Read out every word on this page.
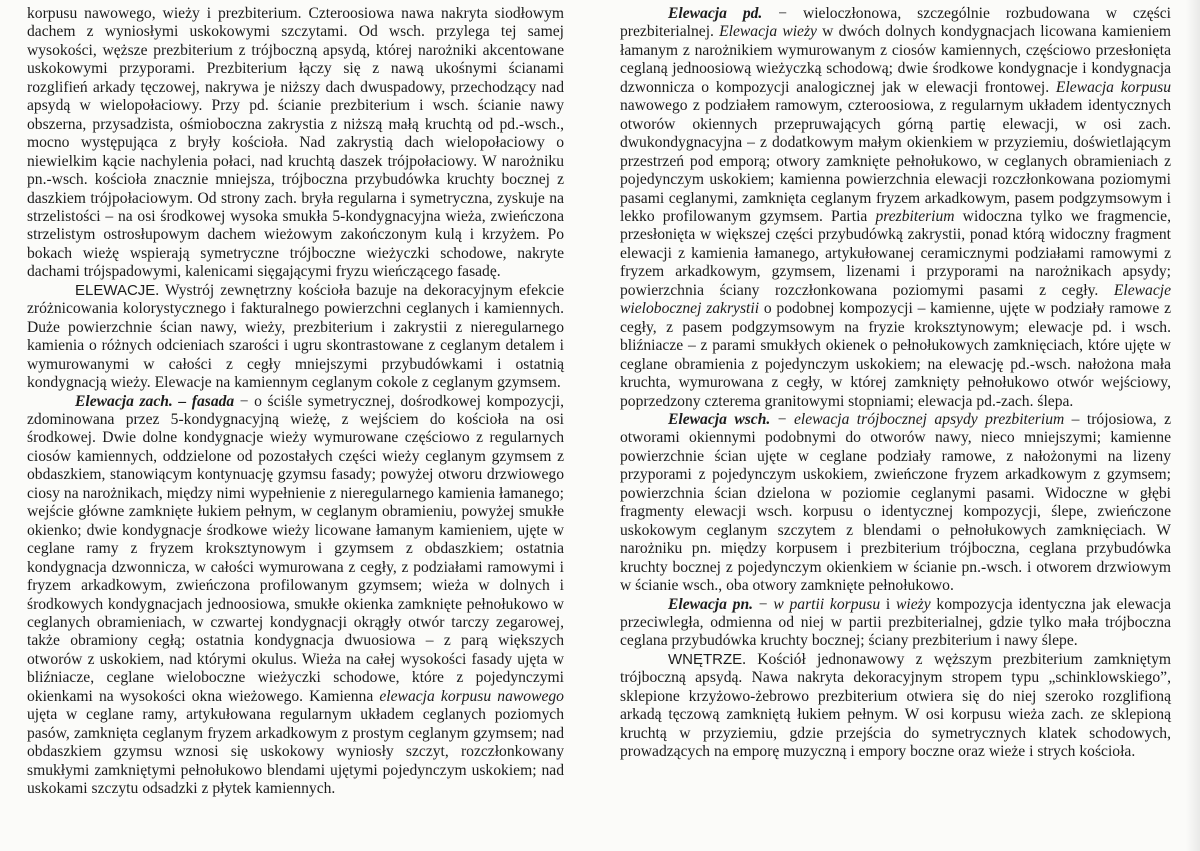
korpusu nawowego, wieży i prezbiterium. Czteroosiowa nawa nakryta siodłowym dachem z wyniosłymi uskokowymi szczytami. Od wsch. przylega tej samej wysokości, węższe prezbiterium z trójboczną apsydą, której narożniki akcentowane uskokowymi przyporami. Prezbiterium łączy się z nawą ukośnymi ścianami rozglifień arkady tęczowej, nakrywa je niższy dach dwuspadowy, przechodzący nad apsydą w wielopołaciowy. Przy pd. ścianie prezbiterium i wsch. ścianie nawy obszerna, przysadzista, ośmioboczna zakrystia z niższą małą kruchtą od pd.-wsch., mocno występująca z bryły kościoła. Nad zakrystią dach wielopołaciowy o niewielkim kącie nachylenia połaci, nad kruchtą daszek trójpołaciowy. W narożniku pn.-wsch. kościoła znacznie mniejsza, trójboczna przybudówka kruchty bocznej z daszkiem trójpołaciowym. Od strony zach. bryła regularna i symetryczna, zyskuje na strzelistości – na osi środkowej wysoka smukła 5-kondygnacyjna wieża, zwieńczona strzelistym ostrosłupowym dachem wieżowym zakończonym kulą i krzyżem. Po bokach wieżę wspierają symetryczne trójboczne wieżyczki schodowe, nakryte dachami trójspadowymi, kalenicami sięgającymi fryzu wieńczącego fasadę.

ELEWACJE. Wystrój zewnętrzny kościoła bazuje na dekoracyjnym efekcie zróżnicowania kolorystycznego i fakturalnego powierzchni ceglanych i kamiennych. Duże powierzchnie ścian nawy, wieży, prezbiterium i zakrystii z nieregularnego kamienia o różnych odcieniach szarości i ugru skontrastowane z ceglanym detalem i wymurowanymi w całości z cegły mniejszymi przybudówkami i ostatnią kondygnacją wieży. Elewacje na kamiennym ceglanym cokole z ceglanym gzymsem.

Elewacja zach. – fasada − o ściśle symetrycznej, dośrodkowej kompozycji, zdominowana przez 5-kondygnacyjną wieżę, z wejściem do kościoła na osi środkowej. Dwie dolne kondygnacje wieży wymurowane częściowo z regularnych ciosów kamiennych, oddzielone od pozostałych części wieży ceglanym gzymsem z obdaszkiem, stanowiącym kontynuację gzymsu fasady; powyżej otworu drzwiowego ciosy na narożnikach, między nimi wypełnienie z nieregularnego kamienia łamanego; wejście główne zamknięte łukiem pełnym, w ceglanym obramieniu, powyżej smukłe okienko; dwie kondygnacje środkowe wieży licowane łamanym kamieniem, ujęte w ceglane ramy z fryzem kroksztynowym i gzymsem z obdaszkiem; ostatnia kondygnacja dzwonnicza, w całości wymurowana z cegły, z podziałami ramowymi i fryzem arkadkowym, zwieńczona profilowanym gzymsem; wieża w dolnych i środkowych kondygnacjach jednoosiowa, smukłe okienka zamknięte pełnołukowo w ceglanych obramieniach, w czwartej kondygnacji okrągły otwór tarczy zegarowej, także obramiony cegłą; ostatnia kondygnacja dwuosiowa – z parą większych otworów z uskokiem, nad którymi okulus. Wieża na całej wysokości fasady ujęta w bliźniacze, ceglane wieloboczne wieżyczki schodowe, które z pojedynczymi okienkami na wysokości okna wieżowego. Kamienna elewacja korpusu nawowego ujęta w ceglane ramy, artykułowana regularnym układem ceglanych poziomych pasów, zamknięta ceglanym fryzem arkadkowym z prostym ceglanym gzymsem; nad obdaszkiem gzymsu wznosi się uskokowy wyniosły szczyt, rozczłonkowany smukłymi zamkniętymi pełnołukowo blendami ujętymi pojedynczym uskokiem; nad uskokami szczytu odsadzki z płytek kamiennych.

Elewacja pd. − wieloczłonowa, szczególnie rozbudowana w części prezbiterialnej. Elewacja wieży w dwóch dolnych kondygnacjach licowana kamieniem łamanym z narożnikiem wymurowanym z ciosów kamiennych, częściowo przesłonięta ceglaną jednoosiową wieżyczką schodową; dwie środkowe kondygnacje i kondygnacja dzwonnicza o kompozycji analogicznej jak w elewacji frontowej. Elewacja korpusu nawowego z podziałem ramowym, czteroosiowa, z regularnym układem identycznych otworów okiennych przepruwających górną partię elewacji, w osi zach. dwukondygnacyjna – z dodatkowym małym okienkiem w przyziemiu, doświetlającym przestrzeń pod emporą; otwory zamknięte pełnołukowo, w ceglanych obramieniach z pojedynczym uskokiem; kamienna powierzchnia elewacji rozczłonkowana poziomymi pasami ceglanymi, zamknięta ceglanym fryzem arkadkowym, pasem podgzymsowym i lekko profilowanym gzymsem. Partia prezbiterium widoczna tylko we fragmencie, przesłonięta w większej części przybudówką zakrystii, ponad którą widoczny fragment elewacji z kamienia łamanego, artykułowanej ceramicznymi podziałami ramowymi z fryzem arkadkowym, gzymsem, lizenami i przyporami na narożnikach apsydy; powierzchnia ściany rozczłonkowana poziomymi pasami z cegły. Elewacje wielobocznej zakrystii o podobnej kompozycji – kamienne, ujęte w podziały ramowe z cegły, z pasem podgzymsowym na fryzie kroksztynowym; elewacje pd. i wsch. bliźniacze – z parami smukłych okienek o pełnołukowych zamknięciach, które ujęte w ceglane obramienia z pojedynczym uskokiem; na elewację pd.-wsch. nałożona mała kruchta, wymurowana z cegły, w której zamknięty pełnołukowo otwór wejściowy, poprzedzony czterema granitowymi stopniami; elewacja pd.-zach. ślepa.

Elewacja wsch. − elewacja trójbocznej apsydy prezbiterium – trójosiowa, z otworami okiennymi podobnymi do otworów nawy, nieco mniejszymi; kamienne powierzchnie ścian ujęte w ceglane podziały ramowe, z nałożonymi na lizeny przyporami z pojedynczym uskokiem, zwieńczone fryzem arkadkowym z gzymsem; powierzchnia ścian dzielona w poziomie ceglanymi pasami. Widoczne w głębi fragmenty elewacji wsch. korpusu o identycznej kompozycji, ślepe, zwieńczone uskokowym ceglanym szczytem z blendami o pełnołukowych zamknięciach. W narożniku pn. między korpusem i prezbiterium trójboczna, ceglana przybudówka kruchty bocznej z pojedynczym okienkiem w ścianie pn.-wsch. i otworem drzwiowym w ścianie wsch., oba otwory zamknięte pełnołukowo.

Elewacja pn. − w partii korpusu i wieży kompozycja identyczna jak elewacja przeciwległa, odmienna od niej w partii prezbiterialnej, gdzie tylko mała trójboczna ceglana przybudówka kruchty bocznej; ściany prezbiterium i nawy ślepe.

WNĘTRZE. Kościół jednonawowy z węższym prezbiterium zamkniętym trójboczną apsydą. Nawa nakryta dekoracyjnym stropem typu „schinklowskiego”, sklepione krzyżowo-żebrowo prezbiterium otwiera się do niej szeroko rozglifioną arkadą tęczową zamkniętą łukiem pełnym. W osi korpusu wieża zach. ze sklepioną kruchtą w przyziemiu, gdzie przejścia do symetrycznych klatek schodowych, prowadzących na emporę muzyczną i empory boczne oraz wieże i strych kościoła.
